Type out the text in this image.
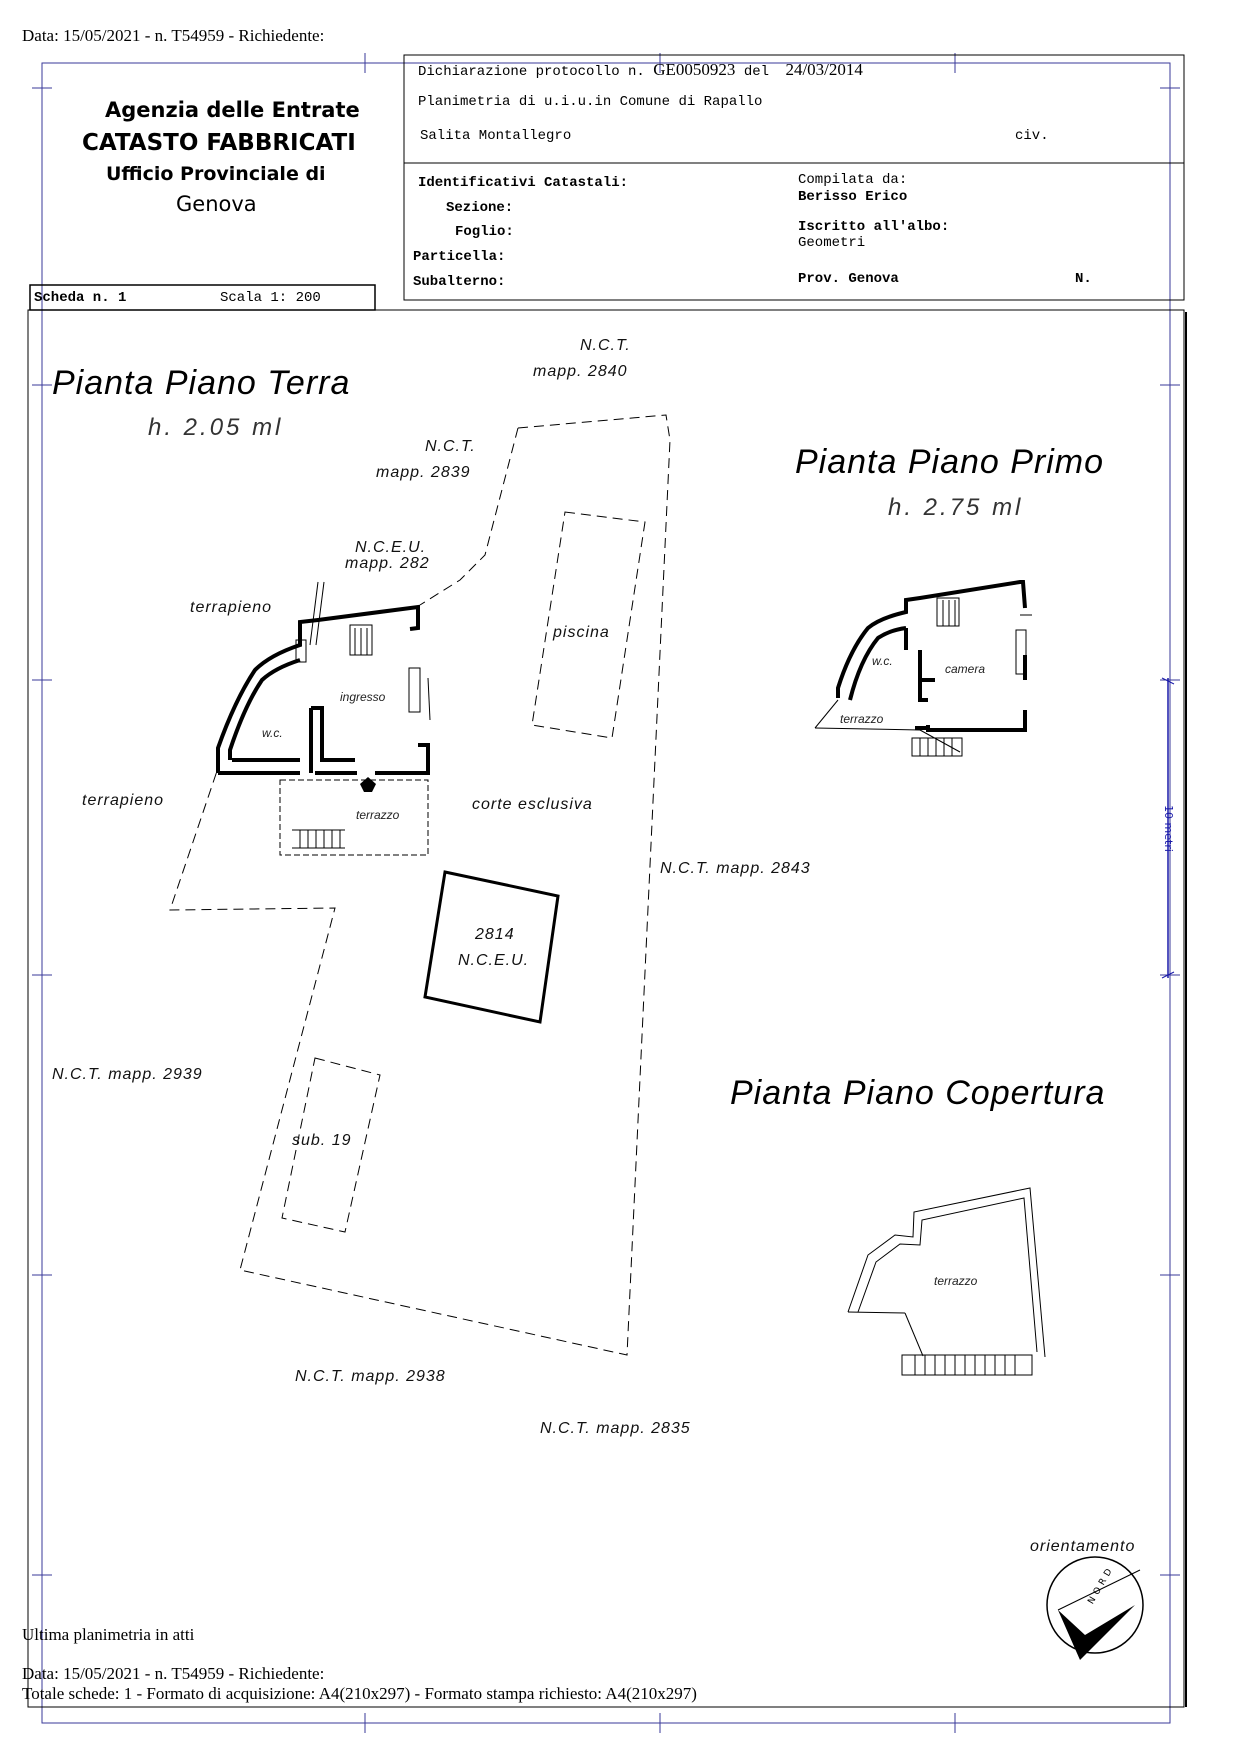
Data: 15/05/2021 - n. T54959 - Richiedente:
Agenzia delle Entrate
CATASTO FABBRICATI
Ufficio Provinciale di
Genova
Dichiarazione protocollo n. GE0050923 del 24/03/2014
Planimetria di u.i.u.in Comune di Rapallo
Salita Montallegro	civ.
Identificativi Catastali:
Sezione:
Foglio:
Particella:
Subalterno:
Compilata da:
Berisso Erico
Iscritto all'albo:
Geometri
Prov. Genova	N.
Scheda n. 1	Scala 1: 200
Pianta Piano Terra
h. 2.05 ml
Pianta Piano Primo
h. 2.75 ml
Pianta Piano Copertura
N.C.T.
mapp. 2840
N.C.T.
mapp. 2839
N.C.E.U.
mapp. 282
terrapieno
terrapieno
piscina
ingresso
w.c.
terrazzo
corte esclusiva
N.C.T. mapp. 2843
2814
N.C.E.U.
N.C.T. mapp. 2939
sub. 19
N.C.T. mapp. 2938
N.C.T. mapp. 2835
w.c.
camera
terrazzo
terrazzo
orientamento
NORD
10 metri
Ultima planimetria in atti
Data: 15/05/2021 - n. T54959 - Richiedente:
Totale schede: 1 - Formato di acquisizione: A4(210x297) - Formato stampa richiesto: A4(210x297)
